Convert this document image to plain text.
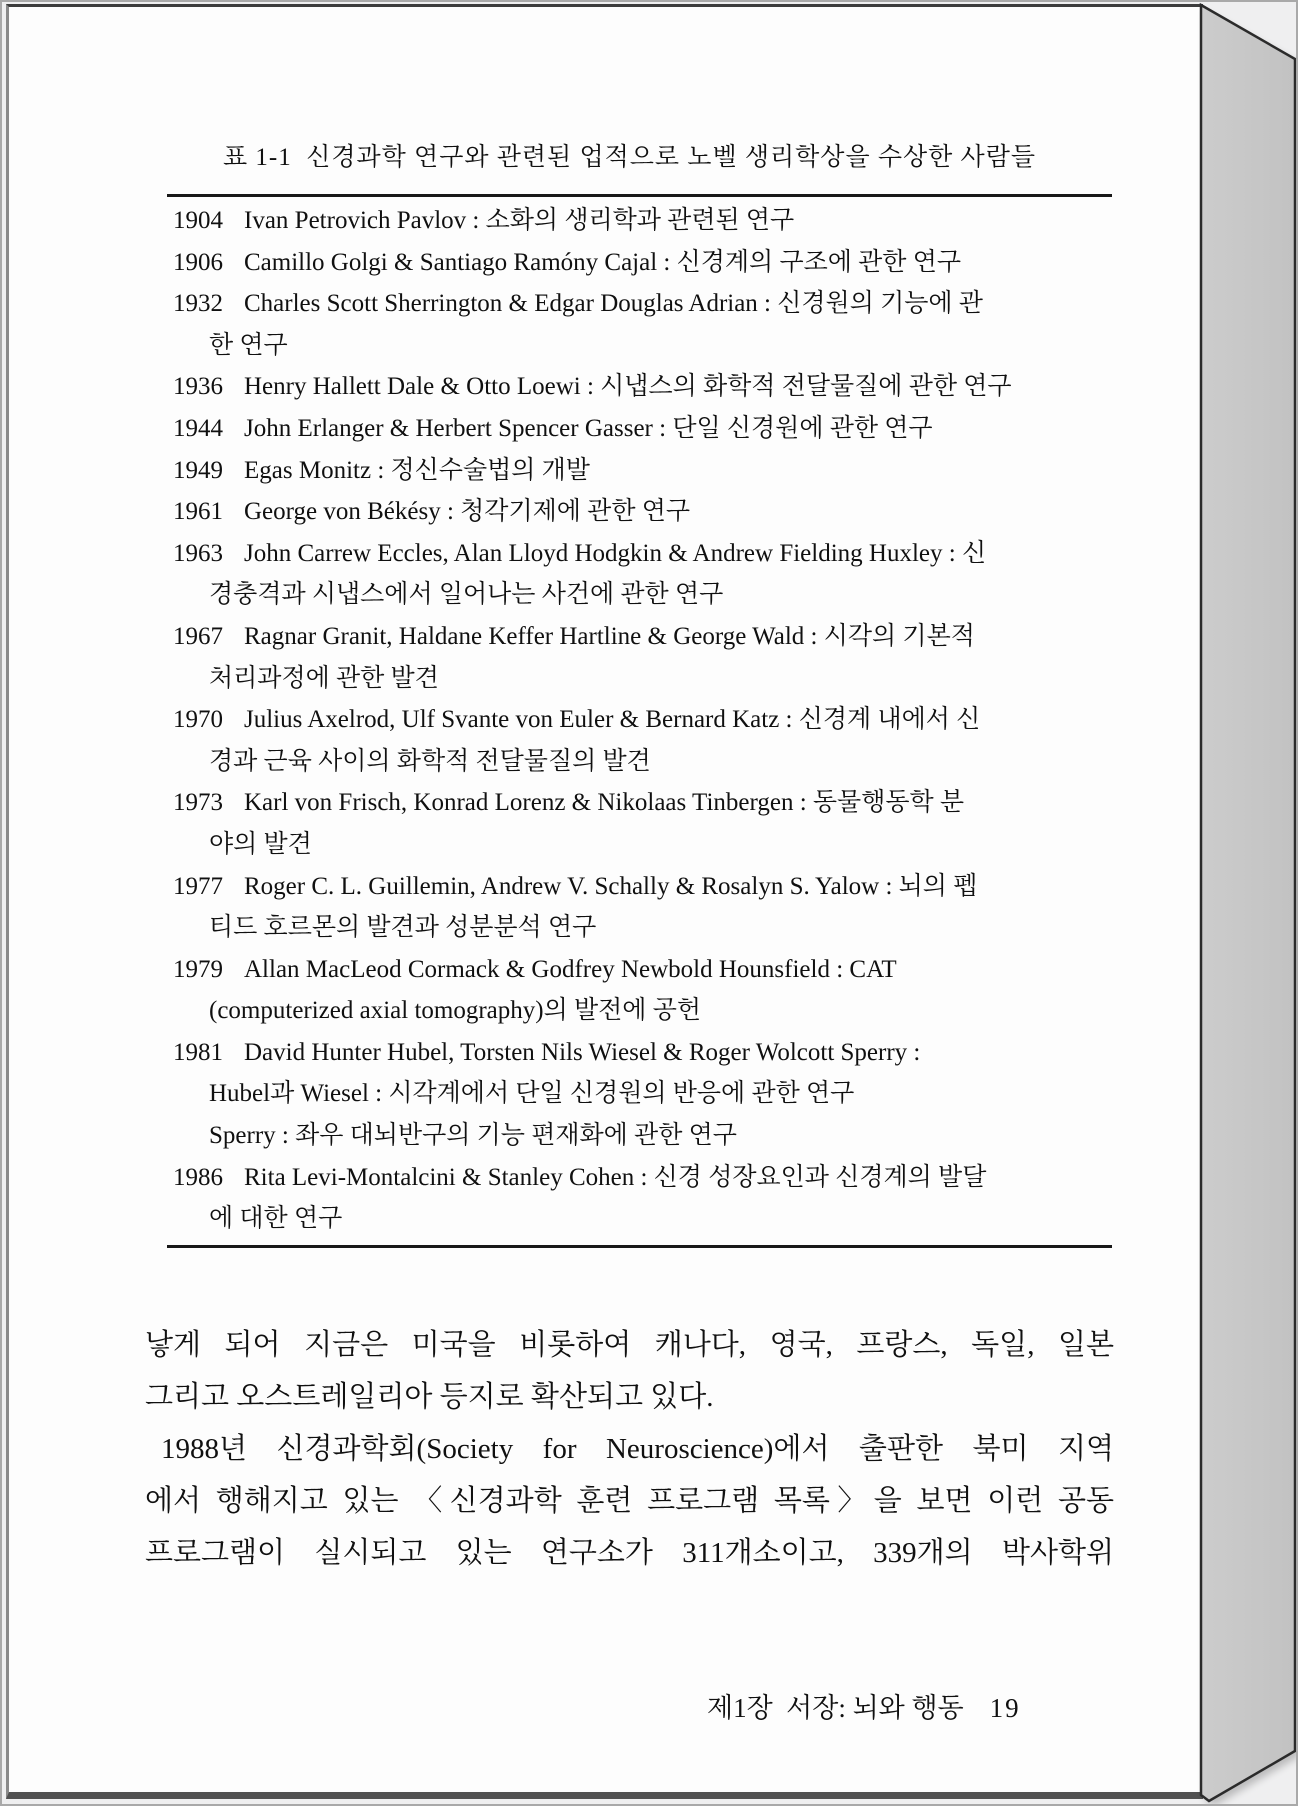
표 1-1  신경과학 연구와 관련된 업적으로 노벨 생리학상을 수상한 사람들
1904 Ivan Petrovich Pavlov : 소화의 생리학과 관련된 연구
1906 Camillo Golgi & Santiago Ramóny Cajal : 신경계의 구조에 관한 연구
1932 Charles Scott Sherrington & Edgar Douglas Adrian : 신경원의 기능에 관
한 연구
1936 Henry Hallett Dale & Otto Loewi : 시냅스의 화학적 전달물질에 관한 연구
1944 John Erlanger & Herbert Spencer Gasser : 단일 신경원에 관한 연구
1949 Egas Monitz : 정신수술법의 개발
1961 George von Békésy : 청각기제에 관한 연구
1963 John Carrew Eccles, Alan Lloyd Hodgkin & Andrew Fielding Huxley : 신
경충격과 시냅스에서 일어나는 사건에 관한 연구
1967 Ragnar Granit, Haldane Keffer Hartline & George Wald : 시각의 기본적
처리과정에 관한 발견
1970 Julius Axelrod, Ulf Svante von Euler & Bernard Katz : 신경계 내에서 신
경과 근육 사이의 화학적 전달물질의 발견
1973 Karl von Frisch, Konrad Lorenz & Nikolaas Tinbergen : 동물행동학 분
야의 발견
1977 Roger C. L. Guillemin, Andrew V. Schally & Rosalyn S. Yalow : 뇌의 펩
티드 호르몬의 발견과 성분분석 연구
1979 Allan MacLeod Cormack & Godfrey Newbold Hounsfield : CAT
(computerized axial tomography)의 발전에 공헌
1981 David Hunter Hubel, Torsten Nils Wiesel & Roger Wolcott Sperry :
Hubel과 Wiesel : 시각계에서 단일 신경원의 반응에 관한 연구
Sperry : 좌우 대뇌반구의 기능 편재화에 관한 연구
1986 Rita Levi-Montalcini & Stanley Cohen : 신경 성장요인과 신경계의 발달
에 대한 연구
낳게 되어 지금은 미국을 비롯하여 캐나다, 영국, 프랑스, 독일, 일본
그리고 오스트레일리아 등지로 확산되고 있다.
1988년 신경과학회(Society for Neuroscience)에서 출판한 북미 지역
에서 행해지고 있는 〈신경과학 훈련 프로그램 목록〉을 보면 이런 공동
프로그램이 실시되고 있는 연구소가 311개소이고, 339개의 박사학위

제1장  서장: 뇌와 행동 19
